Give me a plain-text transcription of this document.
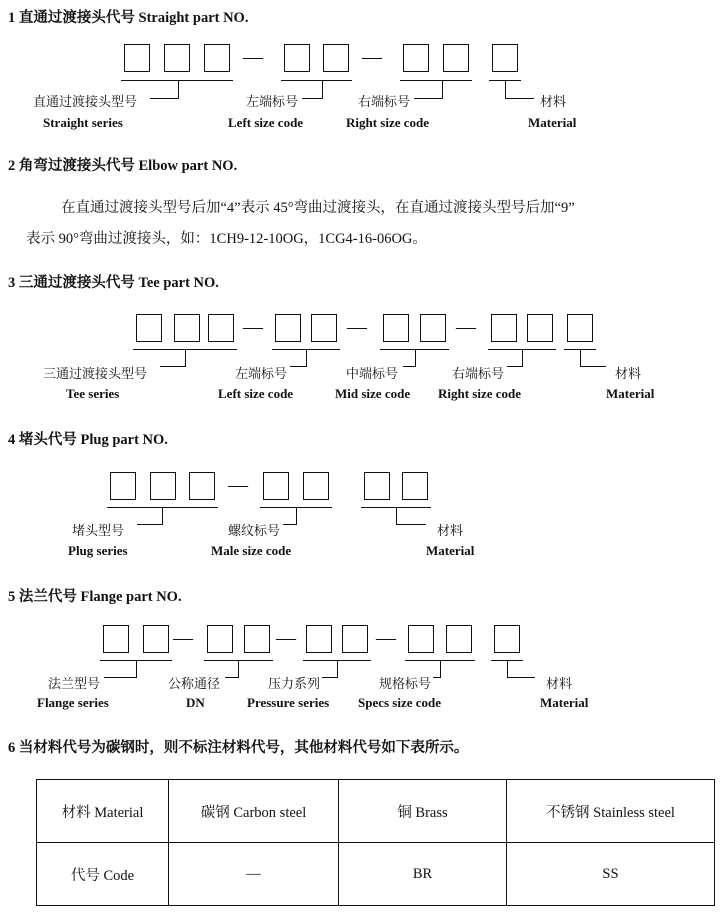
1 直通过渡接头代号 Straight part NO.
—	—
直通过渡接头型号
Straight series
左端标号
Left size code
右端标号
Right size code
材料
Material
2 角弯过渡接头代号 Elbow part NO.
在直通过渡接头型号后加“4”表示 45°弯曲过渡接头，在直通过渡接头型号后加“9”
表示 90°弯曲过渡接头，如：1CH9-12-10OG，1CG4-16-06OG。
3 三通过渡接头代号 Tee part NO.
—	—	—
三通过渡接头型号
Tee series
左端标号
Left size code
中端标号
Mid size code
右端标号
Right size code
材料
Material
4 堵头代号 Plug part NO.
—
堵头型号
Plug series
螺纹标号
Male size code
材料
Material
5 法兰代号 Flange part NO.
—	—	—
法兰型号
Flange series
公称通径
DN
压力系列
Pressure series
规格标号
Specs size code
材料
Material
6 当材料代号为碳钢时，则不标注材料代号，其他材料代号如下表所示。
材料 Material	碳钢 Carbon steel	铜 Brass	不锈钢 Stainless steel
代号 Code	—	BR	SS
